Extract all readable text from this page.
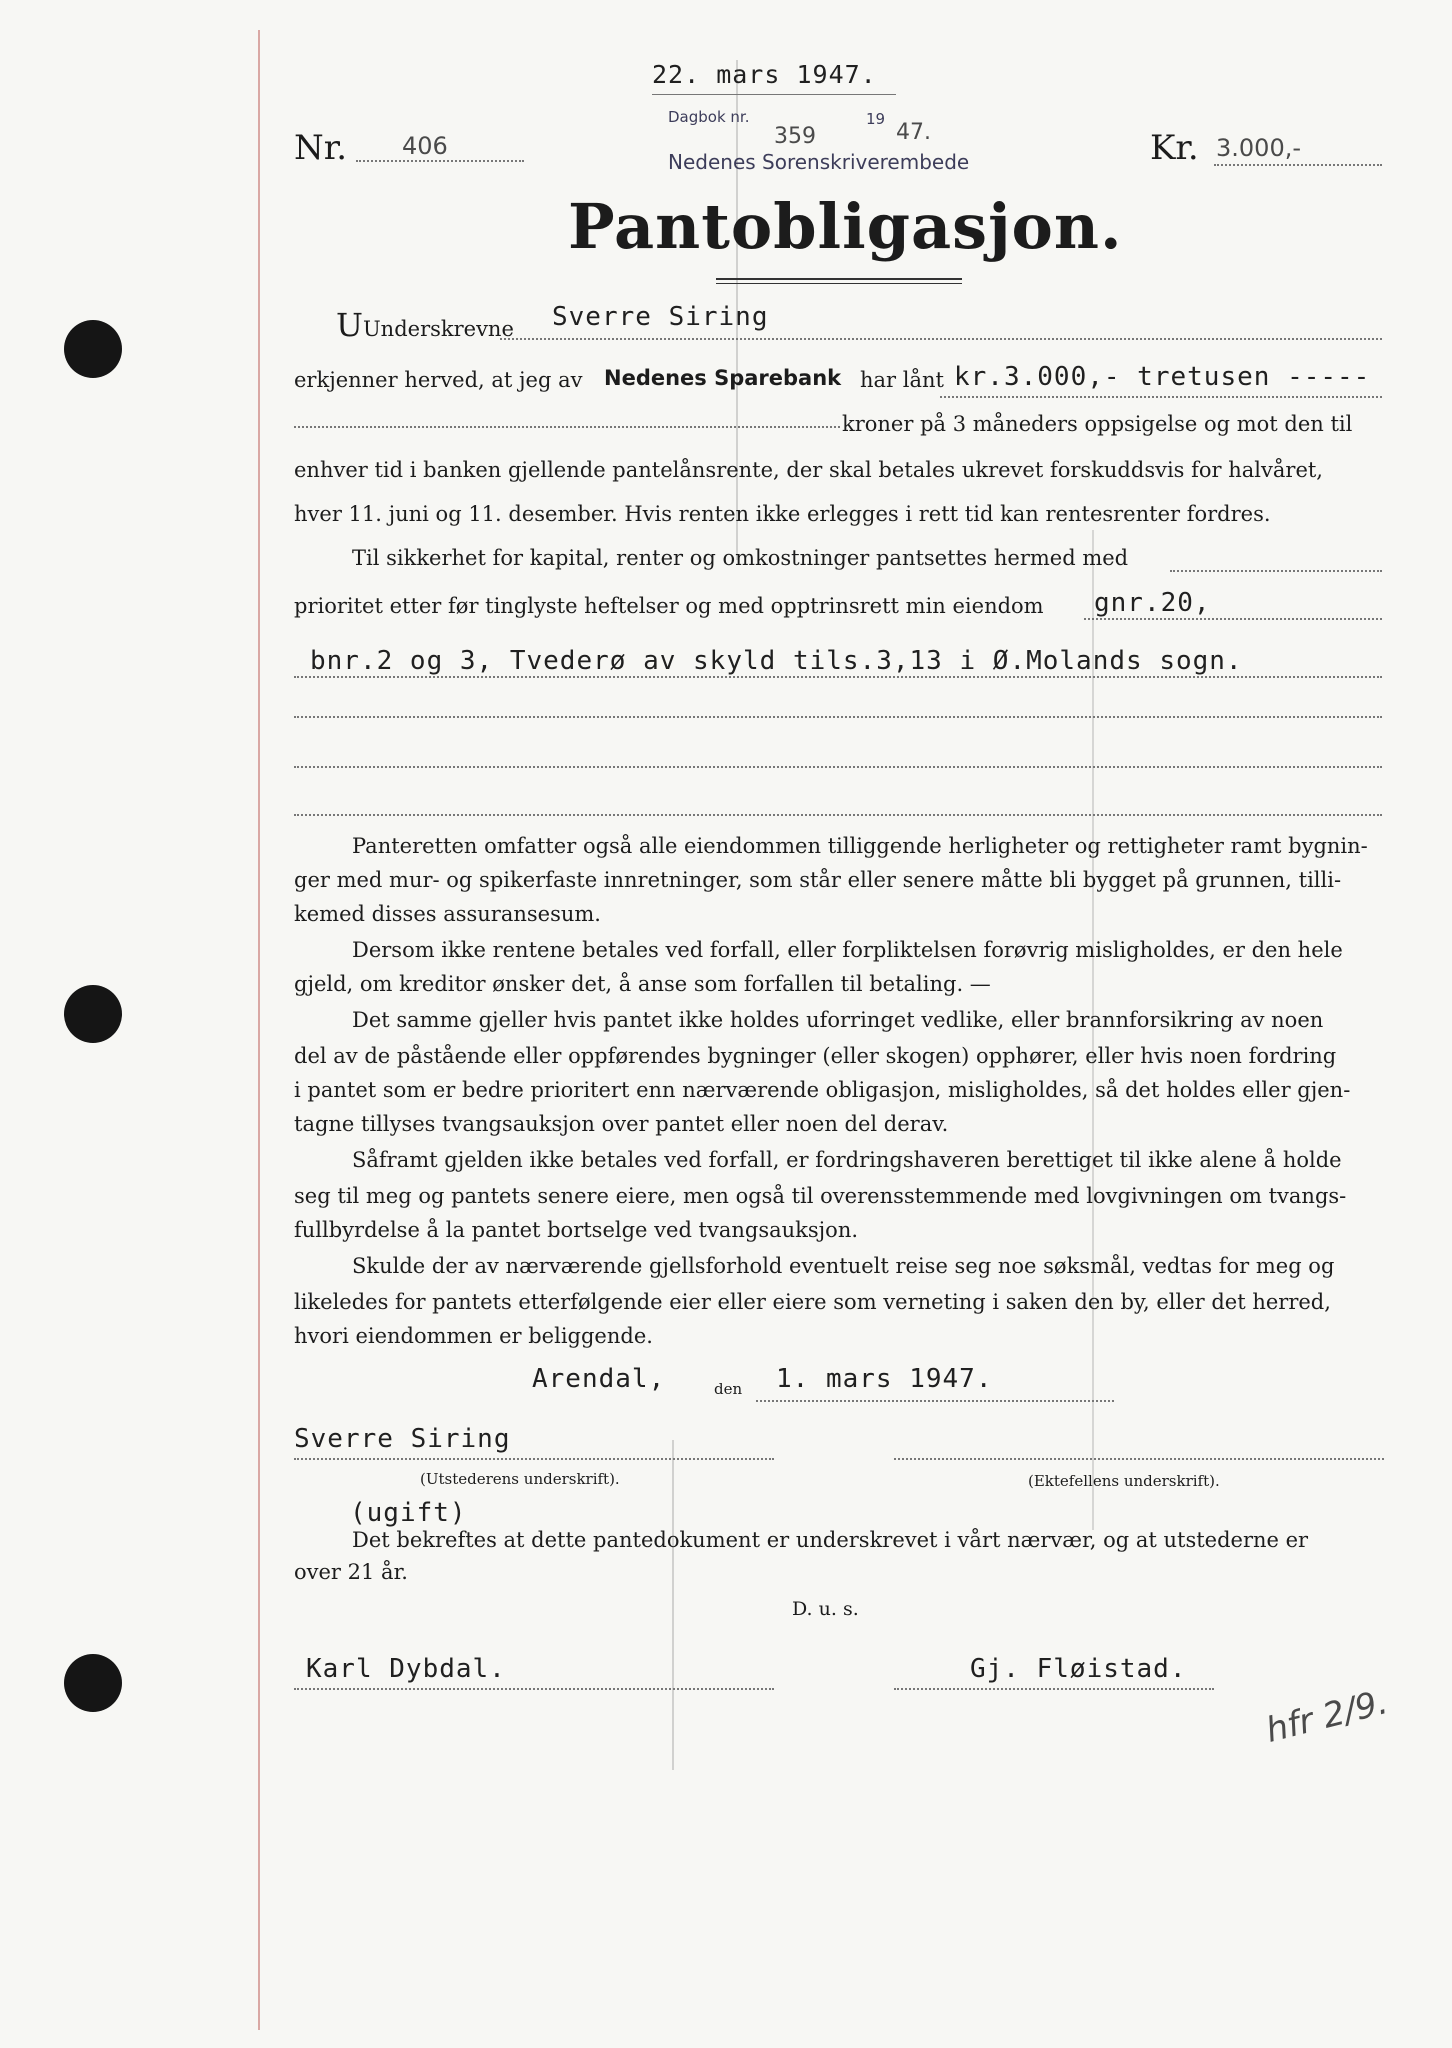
22. mars 1947.
Dagbok nr.
359
19
47.
Nedenes Sorenskriverembede
Nr. 406	Kr. 3.000,-
Pantobligasjon.
UUnderskrevne Sverre Siring
erkjenner herved, at jeg av Nedenes Sparebank har lånt kr.3.000,- tretusen -----
kroner på 3 måneders oppsigelse og mot den til
enhver tid i banken gjellende pantelånsrente, der skal betales ukrevet forskuddsvis for halvåret,
hver 11. juni og 11. desember. Hvis renten ikke erlegges i rett tid kan rentesrenter fordres.
Til sikkerhet for kapital, renter og omkostninger pantsettes hermed med
prioritet etter før tinglyste heftelser og med opptrinsrett min eiendom gnr.20,
bnr.2 og 3, Tvederø av skyld tils.3,13 i Ø.Molands sogn.
Panteretten omfatter også alle eiendommen tilliggende herligheter og rettigheter ramt bygnin-
ger med mur- og spikerfaste innretninger, som står eller senere måtte bli bygget på grunnen, tilli-
kemed disses assuransesum.
Dersom ikke rentene betales ved forfall, eller forpliktelsen forøvrig misligholdes, er den hele
gjeld, om kreditor ønsker det, å anse som forfallen til betaling. —
Det samme gjeller hvis pantet ikke holdes uforringet vedlike, eller brannforsikring av noen
del av de påstående eller oppførendes bygninger (eller skogen) opphører, eller hvis noen fordring
i pantet som er bedre prioritert enn nærværende obligasjon, misligholdes, så det holdes eller gjen-
tagne tillyses tvangsauksjon over pantet eller noen del derav.
Såframt gjelden ikke betales ved forfall, er fordringshaveren berettiget til ikke alene å holde
seg til meg og pantets senere eiere, men også til overensstemmende med lovgivningen om tvangs-
fullbyrdelse å la pantet bortselge ved tvangsauksjon.
Skulde der av nærværende gjellsforhold eventuelt reise seg noe søksmål, vedtas for meg og
likeledes for pantets etterfølgende eier eller eiere som verneting i saken den by, eller det herred,
hvori eiendommen er beliggende.
Arendal,	den 1. mars 1947.
Sverre Siring
(Utstederens underskrift).	(Ektefellens underskrift).
(ugift)
Det bekreftes at dette pantedokument er underskrevet i vårt nærvær, og at utstederne er
over 21 år.
D. u. s.
Karl Dybdal.	Gj. Fløistad.
hfr 2/9.
